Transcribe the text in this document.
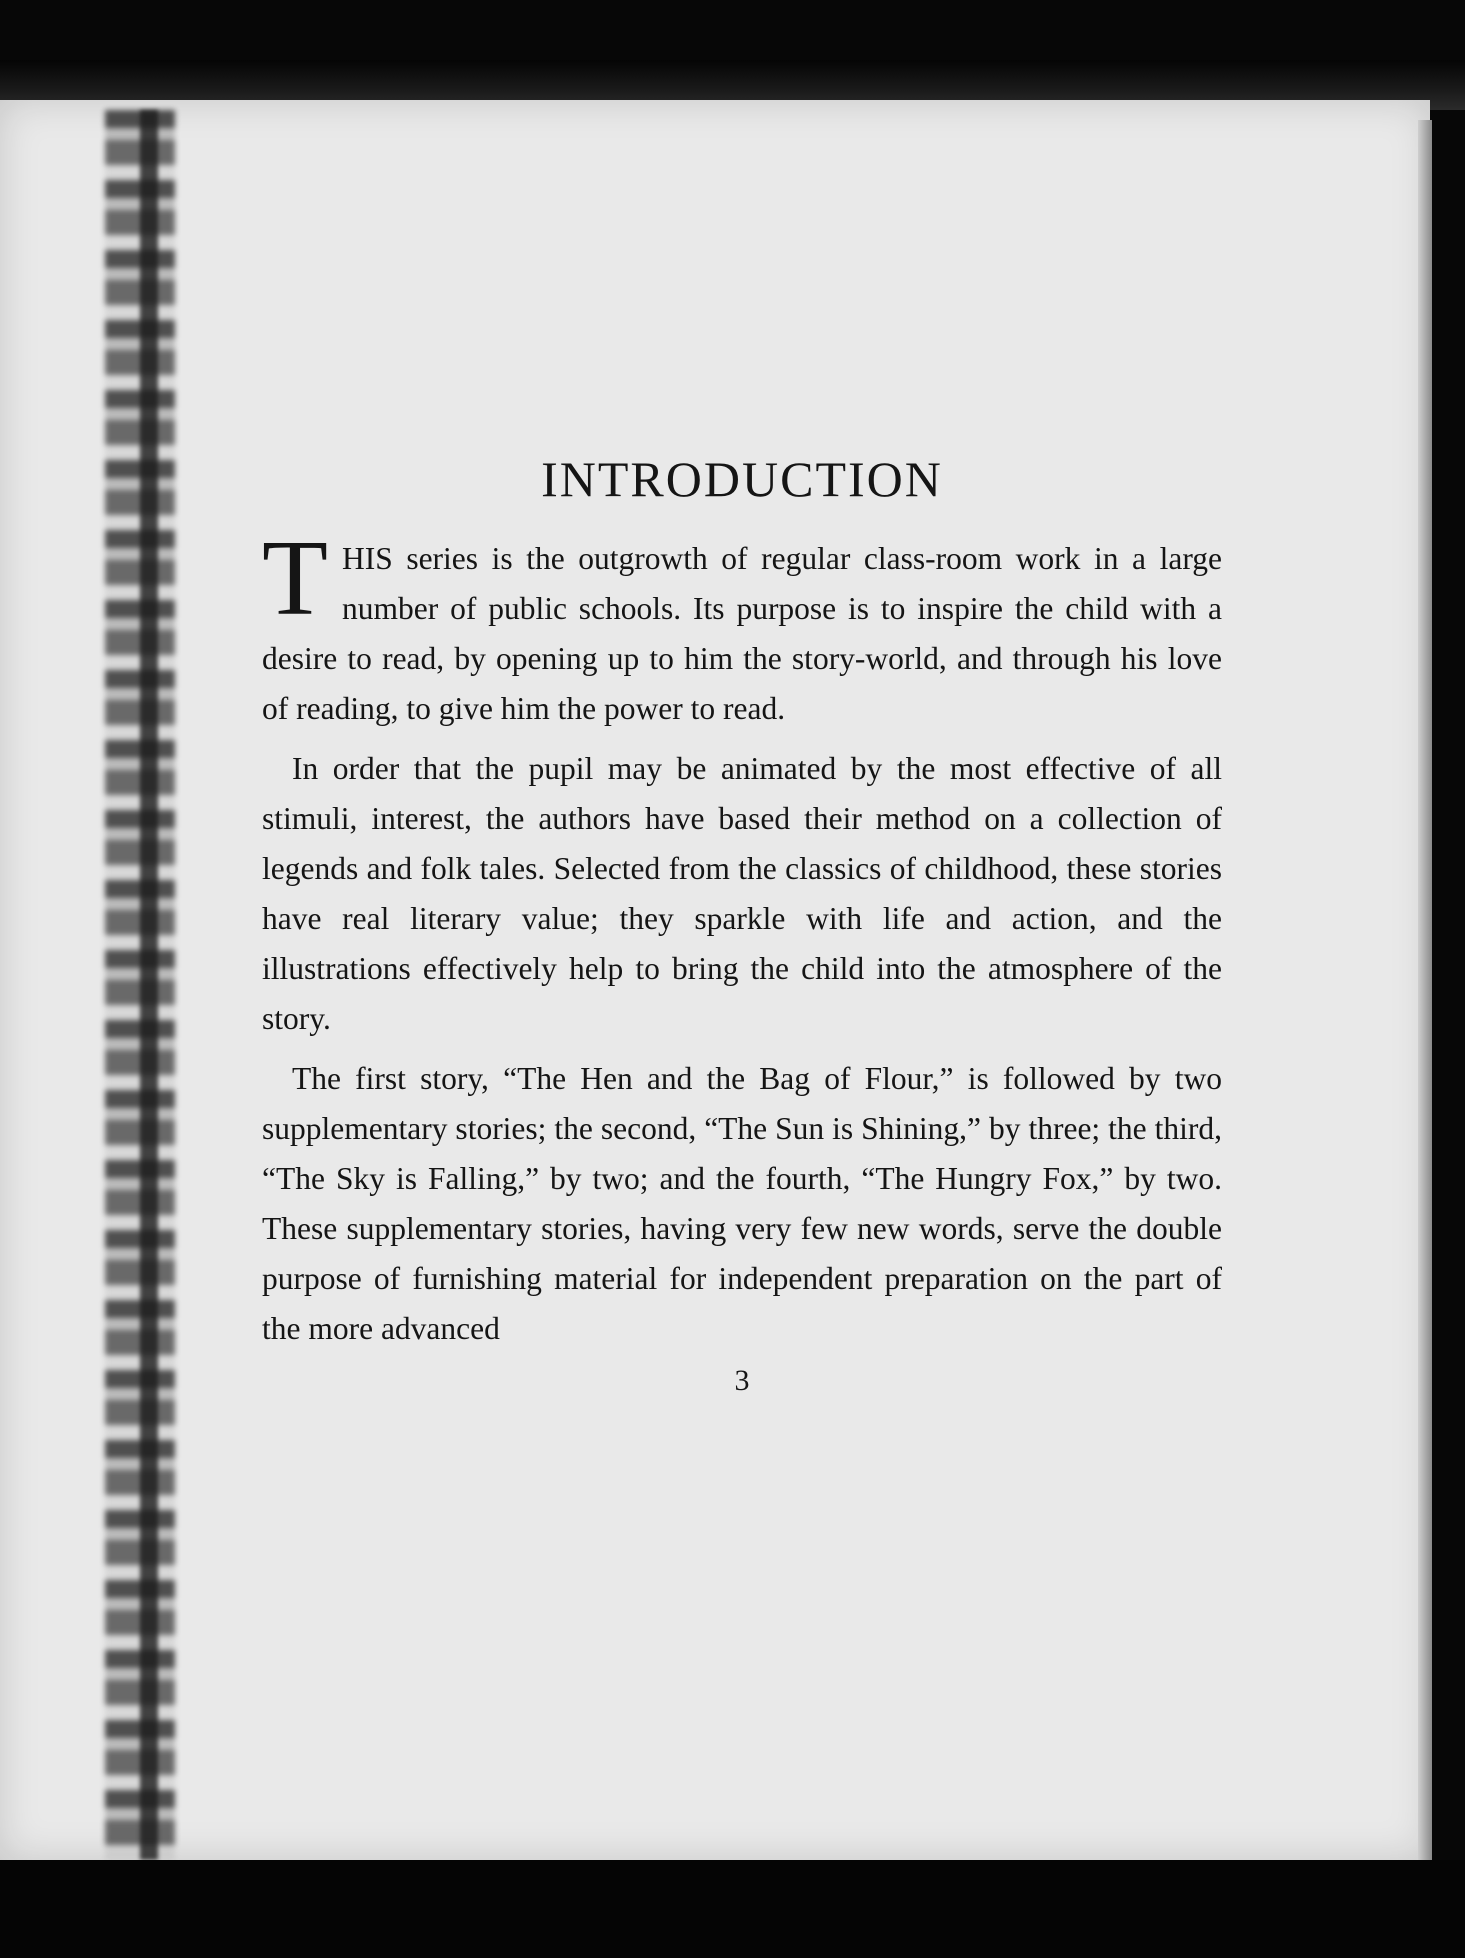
INTRODUCTION

THIS series is the outgrowth of regular class-room work in a large number of public schools. Its purpose is to inspire the child with a desire to read, by opening up to him the story-world, and through his love of reading, to give him the power to read.

In order that the pupil may be animated by the most effective of all stimuli, interest, the authors have based their method on a collection of legends and folk tales. Selected from the classics of childhood, these stories have real literary value; they sparkle with life and action, and the illustrations effectively help to bring the child into the atmosphere of the story.

The first story, “The Hen and the Bag of Flour,” is followed by two supplementary stories; the second, “The Sun is Shining,” by three; the third, “The Sky is Falling,” by two; and the fourth, “The Hungry Fox,” by two. These supplementary stories, having very few new words, serve the double purpose of furnishing material for independent preparation on the part of the more advanced

3
